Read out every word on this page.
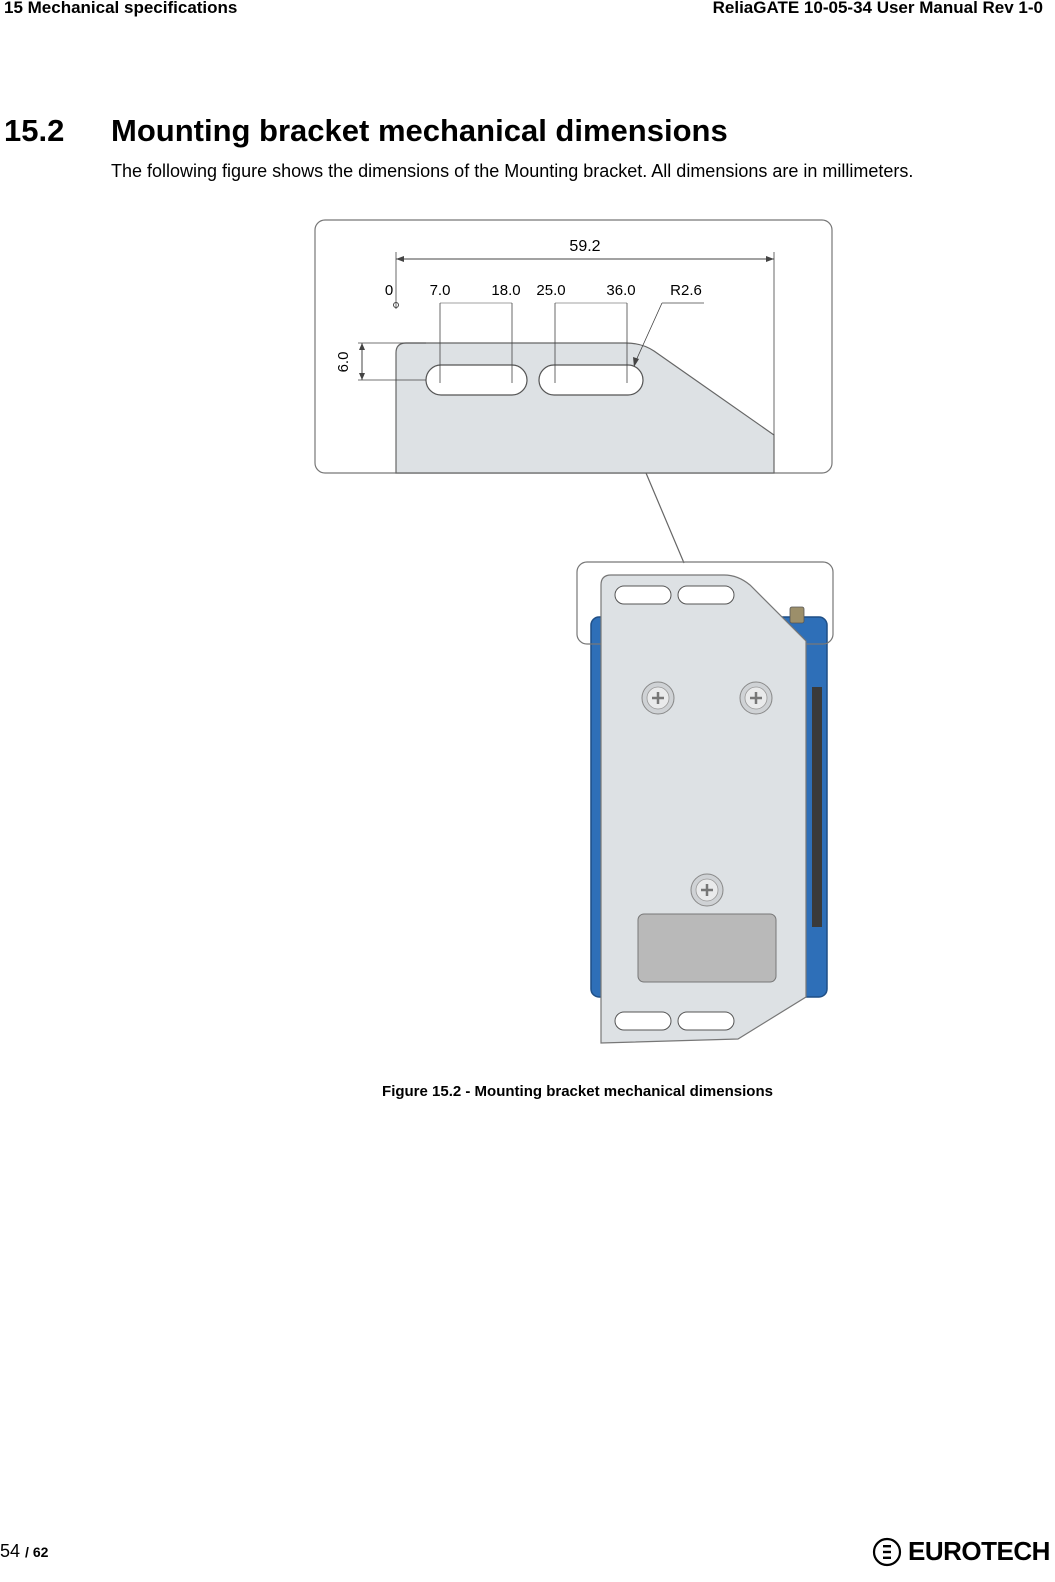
15 Mechanical specifications	ReliaGATE 10-05-34 User Manual Rev 1-0
15.2 Mounting bracket mechanical dimensions
The following figure shows the dimensions of the Mounting bracket. All dimensions are in millimeters.
59.2
0 7.0	18.0 25.0	36.0 R2.6
6.0
Figure 15.2 - Mounting bracket mechanical dimensions
54 / 62	EUROTECH
